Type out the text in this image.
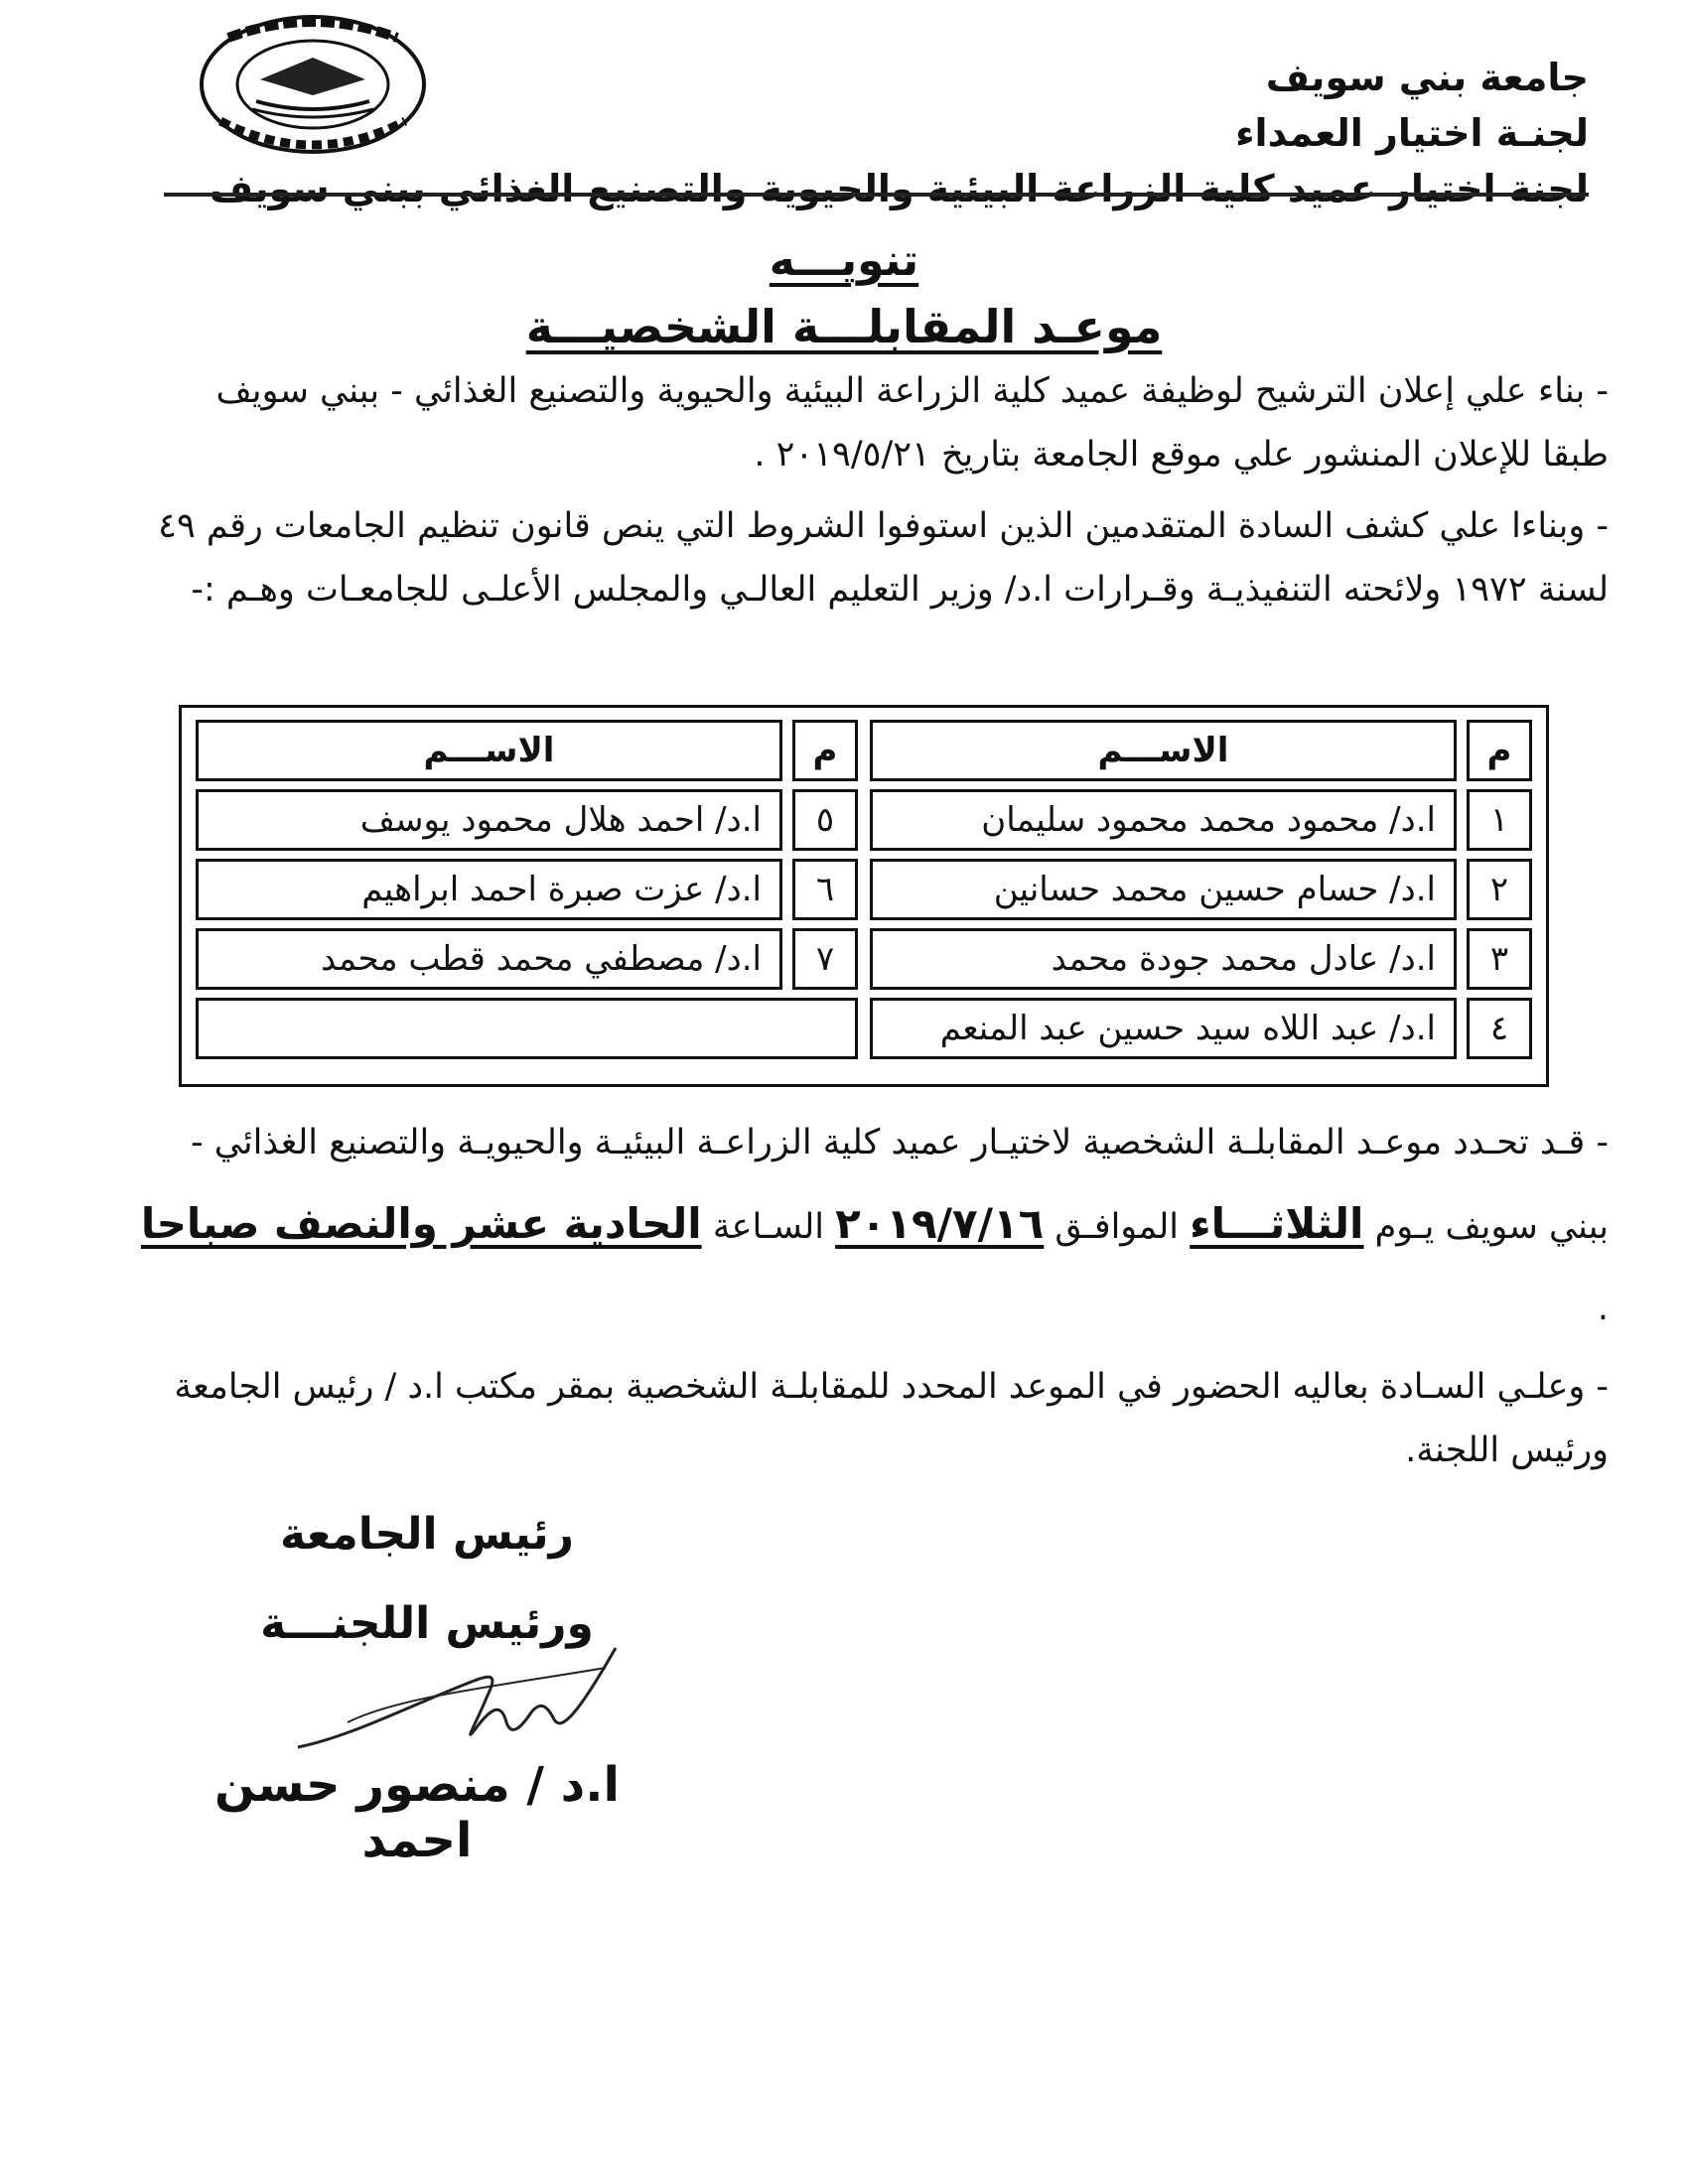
جامعة بني سويف
لجنـة اختيار العمداء
لجنة اختيار عميد كلية الزراعة البيئية والحيوية والتصنيع الغذائي ببني سويف
تنويـــه
موعـد المقابلـــة الشخصيـــة
- بناء علي إعلان الترشيح لوظيفة عميد كلية الزراعة البيئية والحيوية والتصنيع الغذائي - ببني سويف طبقا للإعلان المنشور علي موقع الجامعة بتاريخ ٢٠١٩/٥/٢١ .
- وبناءا علي كشف السادة المتقدمين الذين استوفوا الشروط التي ينص قانون تنظيم الجامعات رقم ٤٩ لسنة ١٩٧٢ ولائحته التنفيذيـة وقـرارات ا.د/ وزير التعليم العالـي والمجلس الأعلـى للجامعـات وهـم :-
م
الاســـم
١
ا.د/ محمود محمد محمود سليمان
٢
ا.د/ حسام حسين محمد حسانين
٣
ا.د/ عادل محمد جودة محمد
٤
ا.د/ عبد اللاه سيد حسين عبد المنعم
م
الاســـم
٥
ا.د/ احمد هلال محمود يوسف
٦
ا.د/ عزت صبرة احمد ابراهيم
٧
ا.د/ مصطفي محمد قطب محمد
- قـد تحـدد موعـد المقابلـة الشخصية لاختيـار عميد كلية الزراعـة البيئيـة والحيويـة والتصنيع الغذائي - ببني سويف يـوم الثلاثـــاء الموافـق ٢٠١٩/٧/١٦ السـاعة الحادية عشر والنصف صباحا .
- وعلـي السـادة بعاليه الحضور في الموعد المحدد للمقابلـة الشخصية بمقر مكتب ا.د / رئيس الجامعة ورئيس اللجنة.
رئيس الجامعة
ورئيس اللجنـــة
ا.د / منصور حسن احمد
